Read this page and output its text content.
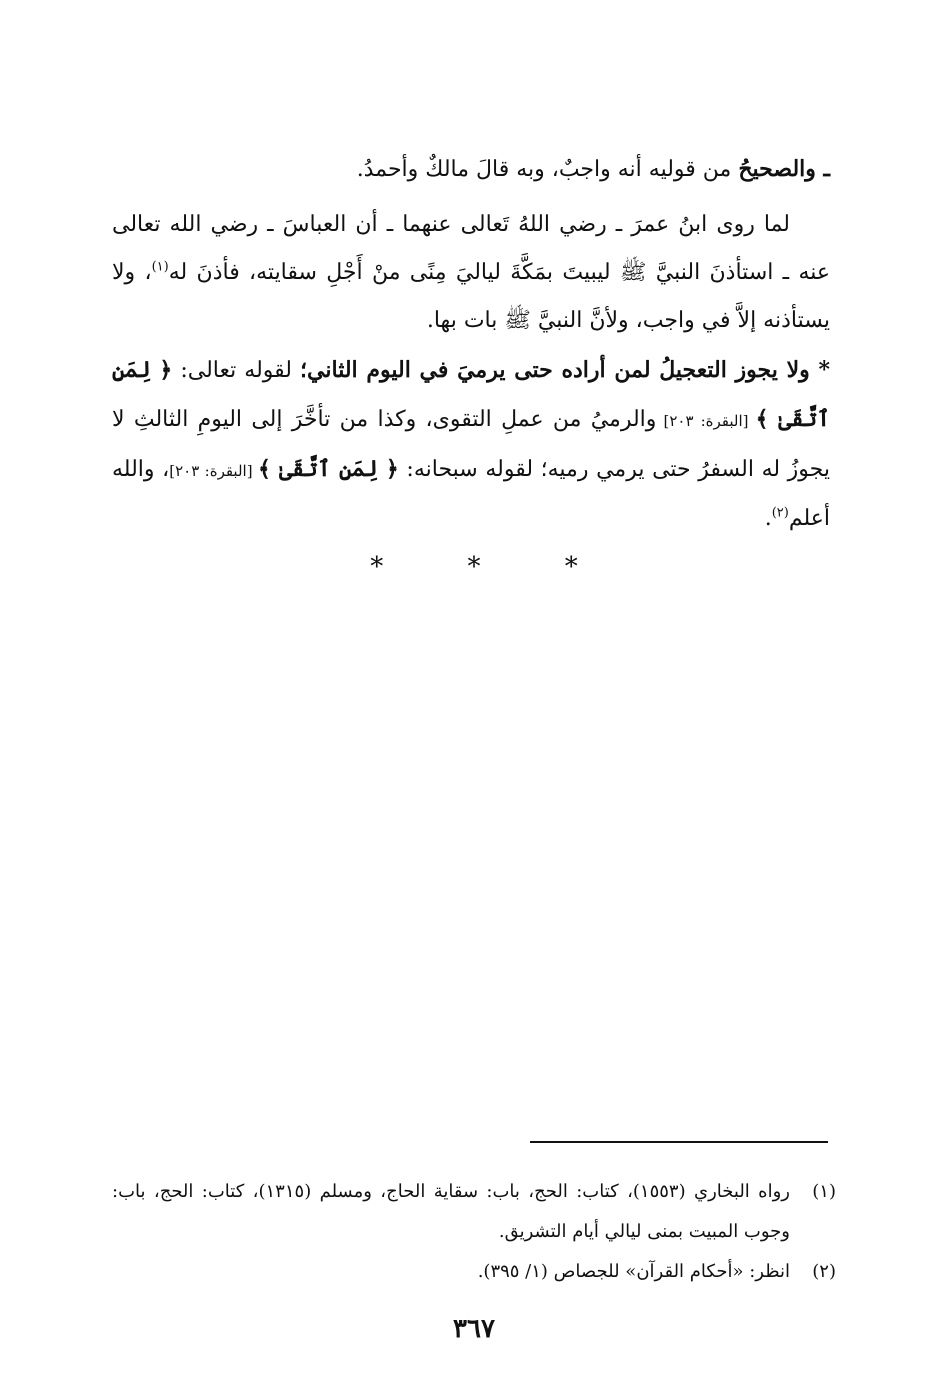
ـ والصحيحُ من قوليه أنه واجبٌ، وبه قالَ مالكٌ وأحمدُ.
لما روى ابنُ عمرَ ـ رضي اللهُ تَعالى عنهما ـ أن العباسَ ـ رضي الله تعالى عنه ـ استأذنَ النبيَّ ﷺ ليبيتَ بمَكَّةَ لياليَ مِنًى منْ أَجْلِ سقايته، فأذنَ له$^{(١)}$، ولا يستأذنه إلاَّ في واجب، ولأنَّ النبيَّ ﷺ بات بها.
* ولا يجوز التعجيلُ لمن أراده حتى يرميَ في اليوم الثاني؛ لقوله تعالى: ﴿ لِمَنِ ٱتَّقَىٰ ﴾ [البقرة: ٢٠٣] والرميُ من عملِ التقوى، وكذا من تأخَّرَ إلى اليومِ الثالثِ لا يجوزُ له السفرُ حتى يرمي رميه؛ لقوله سبحانه: ﴿ لِمَنِ ٱتَّقَىٰ ﴾ [البقرة: ٢٠٣]، والله أعلم$^{(٢)}$.
* * *
(١)
رواه البخاري (١٥٥٣)، كتاب: الحج، باب: سقاية الحاج، ومسلم (١٣١٥)، كتاب: الحج، باب: وجوب المبيت بمنى ليالي أيام التشريق.
(٢)
انظر: «أحكام القرآن» للجصاص (١/ ٣٩٥).
٣٦٧
